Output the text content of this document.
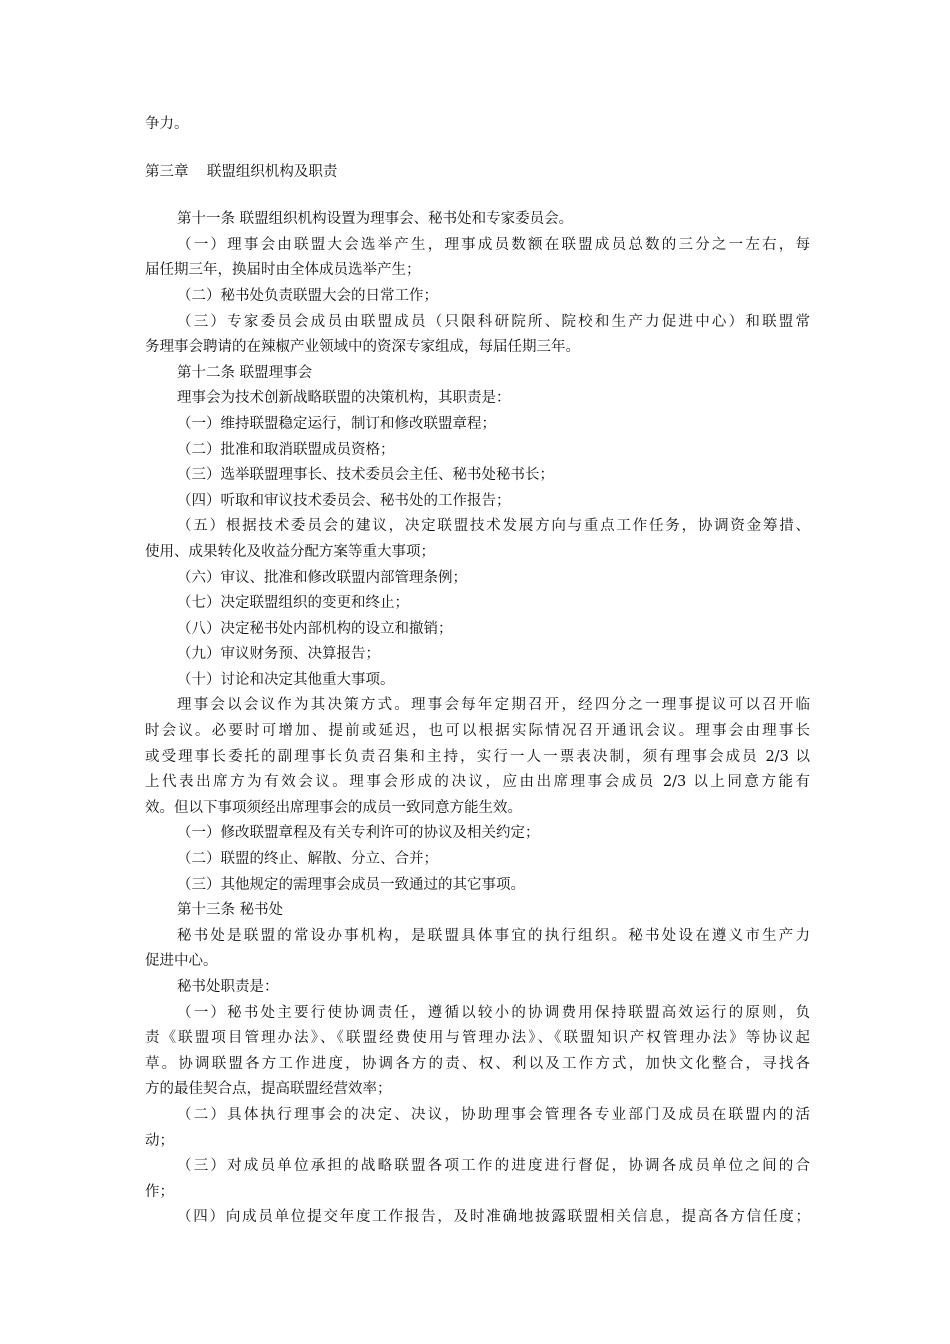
争力。

第三章    联盟组织机构及职责

第十一条 联盟组织机构设置为理事会、秘书处和专家委员会。

（一）理事会由联盟大会选举产生，理事成员数额在联盟成员总数的三分之一左右，每

届任期三年，换届时由全体成员选举产生；

（二）秘书处负责联盟大会的日常工作；

（三）专家委员会成员由联盟成员（只限科研院所、院校和生产力促进中心）和联盟常

务理事会聘请的在辣椒产业领域中的资深专家组成，每届任期三年。

第十二条 联盟理事会

理事会为技术创新战略联盟的决策机构，其职责是：

（一）维持联盟稳定运行，制订和修改联盟章程；

（二）批准和取消联盟成员资格；

（三）选举联盟理事长、技术委员会主任、秘书处秘书长；

（四）听取和审议技术委员会、秘书处的工作报告；

（五）根据技术委员会的建议，决定联盟技术发展方向与重点工作任务，协调资金筹措、

使用、成果转化及收益分配方案等重大事项；

（六）审议、批准和修改联盟内部管理条例；

（七）决定联盟组织的变更和终止；

（八）决定秘书处内部机构的设立和撤销；

（九）审议财务预、决算报告；

（十）讨论和决定其他重大事项。

理事会以会议作为其决策方式。理事会每年定期召开，经四分之一理事提议可以召开临

时会议。必要时可增加、提前或延迟，也可以根据实际情况召开通讯会议。理事会由理事长

或受理事长委托的副理事长负责召集和主持，实行一人一票表决制，须有理事会成员 2/3 以

上代表出席方为有效会议。理事会形成的决议，应由出席理事会成员 2/3 以上同意方能有

效。但以下事项须经出席理事会的成员一致同意方能生效。

（一）修改联盟章程及有关专利许可的协议及相关约定；

（二）联盟的终止、解散、分立、合并；

（三）其他规定的需理事会成员一致通过的其它事项。

第十三条 秘书处

秘书处是联盟的常设办事机构，是联盟具体事宜的执行组织。秘书处设在遵义市生产力

促进中心。

秘书处职责是：

（一）秘书处主要行使协调责任，遵循以较小的协调费用保持联盟高效运行的原则，负

责《联盟项目管理办法》、《联盟经费使用与管理办法》、《联盟知识产权管理办法》等协议起

草。协调联盟各方工作进度，协调各方的责、权、利以及工作方式，加快文化整合，寻找各

方的最佳契合点，提高联盟经营效率；

（二）具体执行理事会的决定、决议，协助理事会管理各专业部门及成员在联盟内的活

动；

（三）对成员单位承担的战略联盟各项工作的进度进行督促，协调各成员单位之间的合

作；

（四）向成员单位提交年度工作报告，及时准确地披露联盟相关信息，提高各方信任度；
